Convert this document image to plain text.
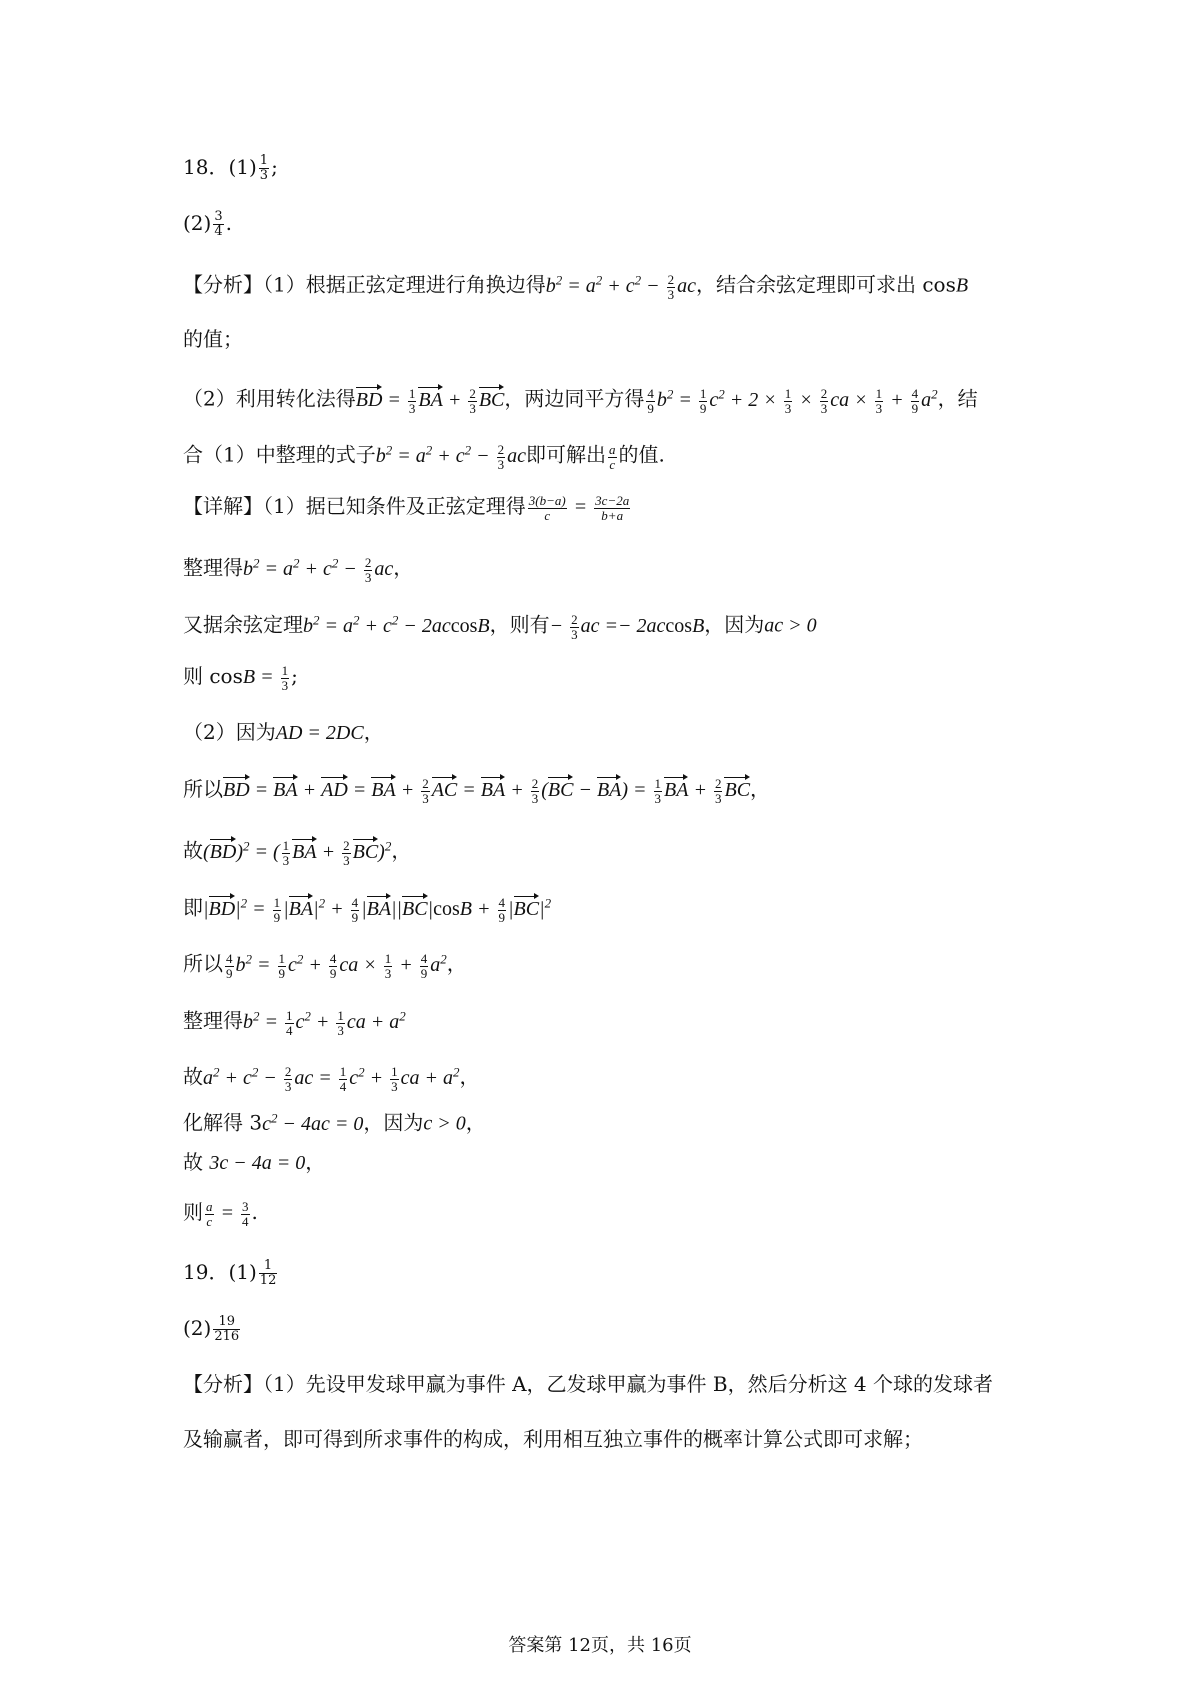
18．$(1) \frac{1}{3}$ ;
$(2) \frac{3}{4}$ .
【分析】（1）根据正弦定理进行角换边得$b^2 = a^2 + c^2 - \frac{2}{3}$ ac，结合余弦定理即可求出 cosB
的值；
（2）利用转化法得BD = $\frac{1}{3}$ BA + $\frac{2}{3}$ BC，两边同平方得 $\frac{4}{9} b^2 = \frac{1}{9} c^2 + 2 \times \frac{1}{3} \times \frac{2}{3}$ ca × $\frac{1}{3} + \frac{4}{9} a^2$，结
合（1）中整理的式子$b^2 = a^2 + c^2 - \frac{2}{3}$ ac即可解出 $\frac{a}{c}$ 的值.
【详解】（1）据已知条件及正弦定理得 $\frac{3(b-a)}{c} = \frac{3c-2a}{b+a}$
整理得$b^2 = a^2 + c^2 - \frac{2}{3}$ ac，
又据余弦定理$b^2 = a^2 + c^2 - 2accosB$，则有− $\frac{2}{3}$ ac =− 2accosB，因为ac > 0
则 $\cos B = \frac{1}{3}$ ;
（2）因为AD = 2DC，
所以BD = BA + AD = BA + $\frac{2}{3}$ AC = BA + $\frac{2}{3} (BC - BA) = \frac{1}{3}$ BA + $\frac{2}{3}$ BC，
故(BD)$^2$ = ( $\frac{1}{3}$ BA + $\frac{2}{3} BC)^2$，
即$|BD|^2 = \frac{1}{9} |BA|^2 + \frac{4}{9} |BA||BC|\cos B + \frac{4}{9} |BC|^2$
所以 $\frac{4}{9} b^2 = \frac{1}{9} c^2 + \frac{4}{9}$ ca × $\frac{1}{3} + \frac{4}{9} a^2$，
整理得$b^2 = \frac{1}{4} c^2 + \frac{1}{3}$ ca + $a^2$
故$a^2 + c^2 - \frac{2}{3}$ ac = $\frac{1}{4} c^2 + \frac{1}{3}$ ca + $a^2$，
化解得 $3c^2 - 4ac = 0$，因为c > 0，
故 3c − 4a = 0，
则 $\frac{a}{c} = \frac{3}{4}$ .
19．$(1) \frac{1}{12}$
$(2) \frac{19}{216}$
【分析】（1）先设甲发球甲赢为事件 A，乙发球甲赢为事件 B，然后分析这 4 个球的发球者
及输赢者，即可得到所求事件的构成，利用相互独立事件的概率计算公式即可求解；
答案第 12页，共 16页
